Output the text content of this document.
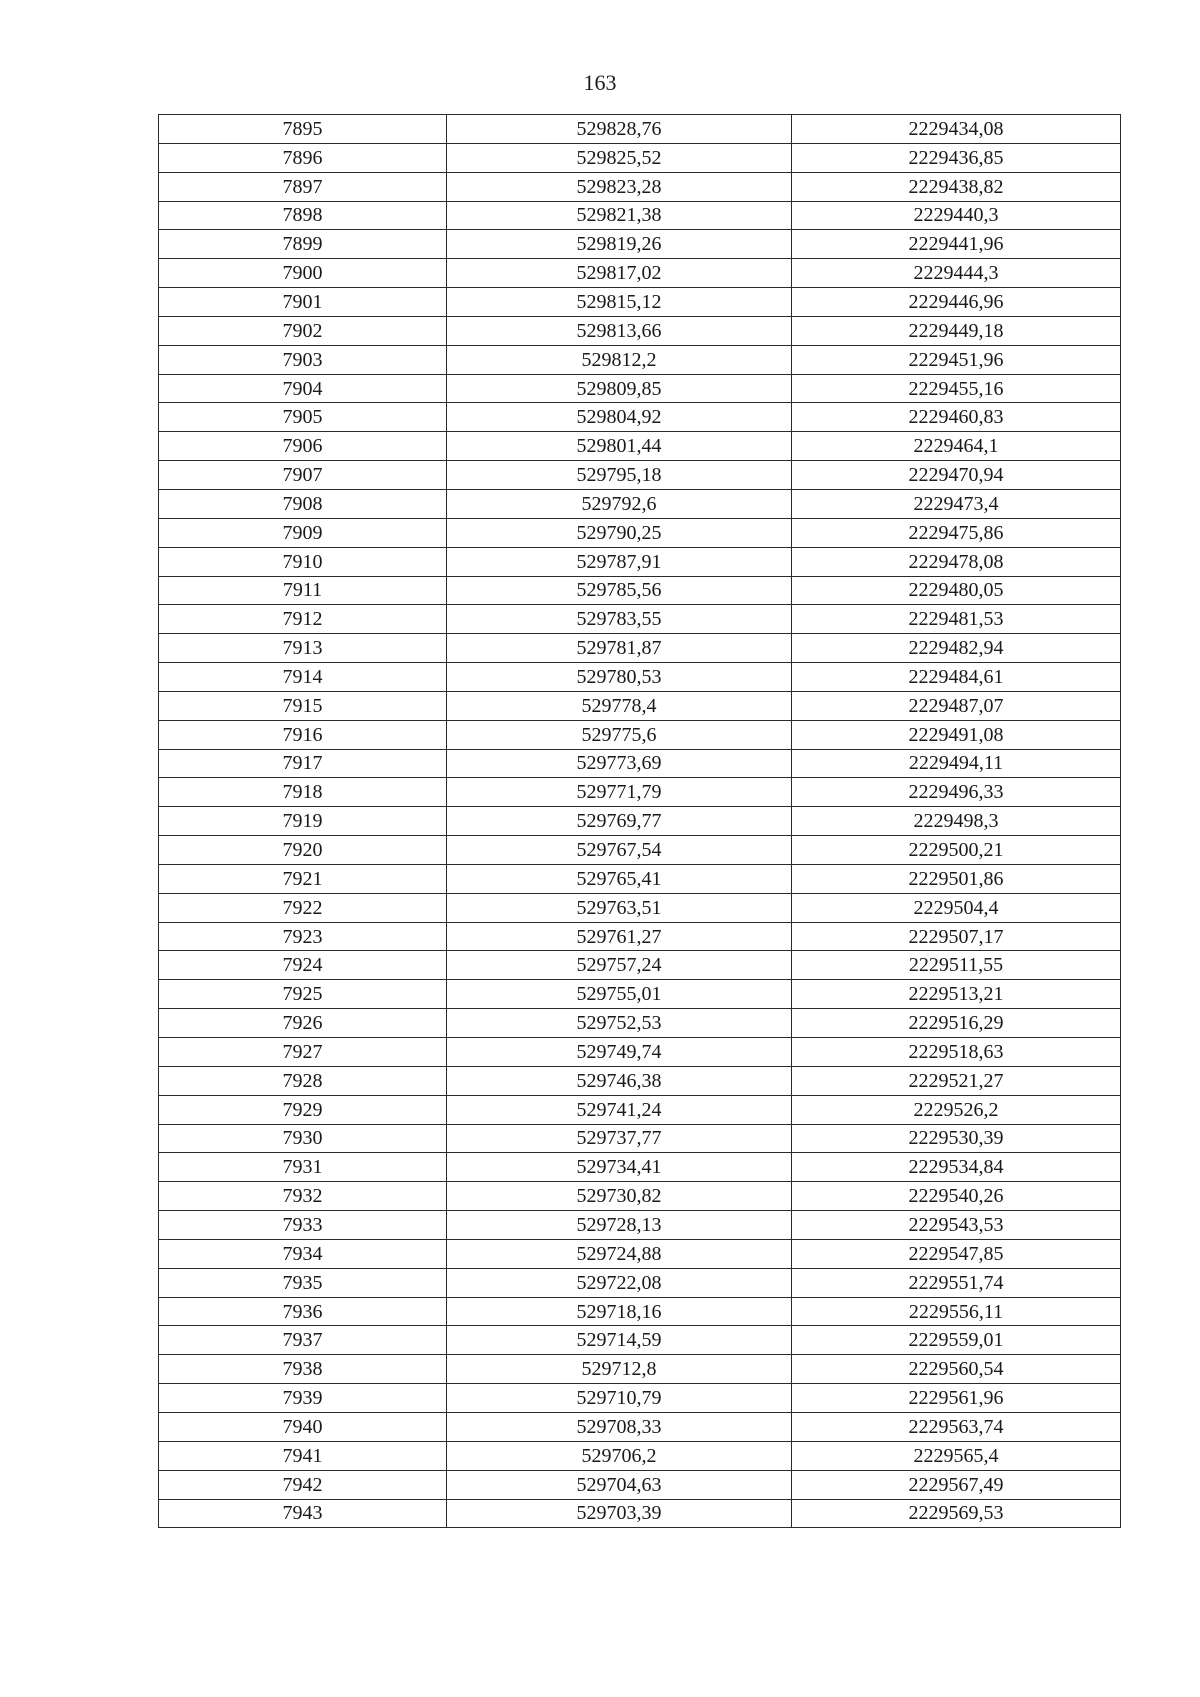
163
7895	529828,76	2229434,08
7896	529825,52	2229436,85
7897	529823,28	2229438,82
7898	529821,38	2229440,3
7899	529819,26	2229441,96
7900	529817,02	2229444,3
7901	529815,12	2229446,96
7902	529813,66	2229449,18
7903	529812,2	2229451,96
7904	529809,85	2229455,16
7905	529804,92	2229460,83
7906	529801,44	2229464,1
7907	529795,18	2229470,94
7908	529792,6	2229473,4
7909	529790,25	2229475,86
7910	529787,91	2229478,08
7911	529785,56	2229480,05
7912	529783,55	2229481,53
7913	529781,87	2229482,94
7914	529780,53	2229484,61
7915	529778,4	2229487,07
7916	529775,6	2229491,08
7917	529773,69	2229494,11
7918	529771,79	2229496,33
7919	529769,77	2229498,3
7920	529767,54	2229500,21
7921	529765,41	2229501,86
7922	529763,51	2229504,4
7923	529761,27	2229507,17
7924	529757,24	2229511,55
7925	529755,01	2229513,21
7926	529752,53	2229516,29
7927	529749,74	2229518,63
7928	529746,38	2229521,27
7929	529741,24	2229526,2
7930	529737,77	2229530,39
7931	529734,41	2229534,84
7932	529730,82	2229540,26
7933	529728,13	2229543,53
7934	529724,88	2229547,85
7935	529722,08	2229551,74
7936	529718,16	2229556,11
7937	529714,59	2229559,01
7938	529712,8	2229560,54
7939	529710,79	2229561,96
7940	529708,33	2229563,74
7941	529706,2	2229565,4
7942	529704,63	2229567,49
7943	529703,39	2229569,53
